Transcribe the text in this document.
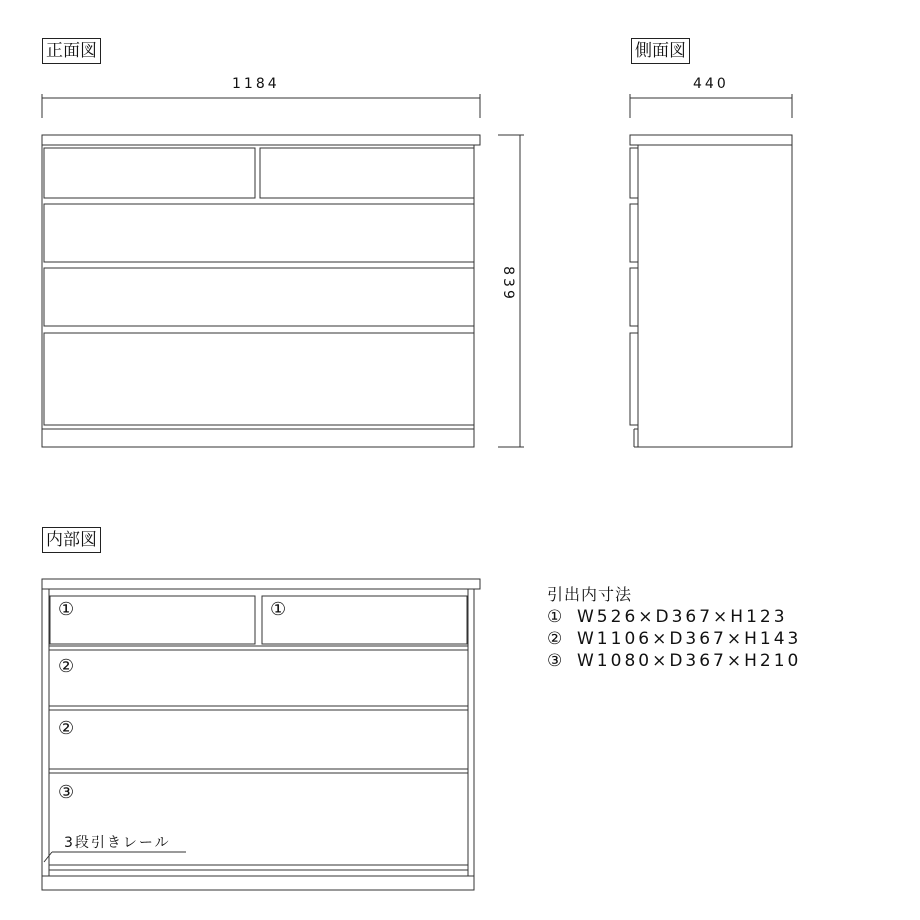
正面図	側面図
内部図
1184	440
839
①	①
②
②
③
3段引きレール
引出内寸法
① W526×D367×H123
② W1106×D367×H143
③ W1080×D367×H210
